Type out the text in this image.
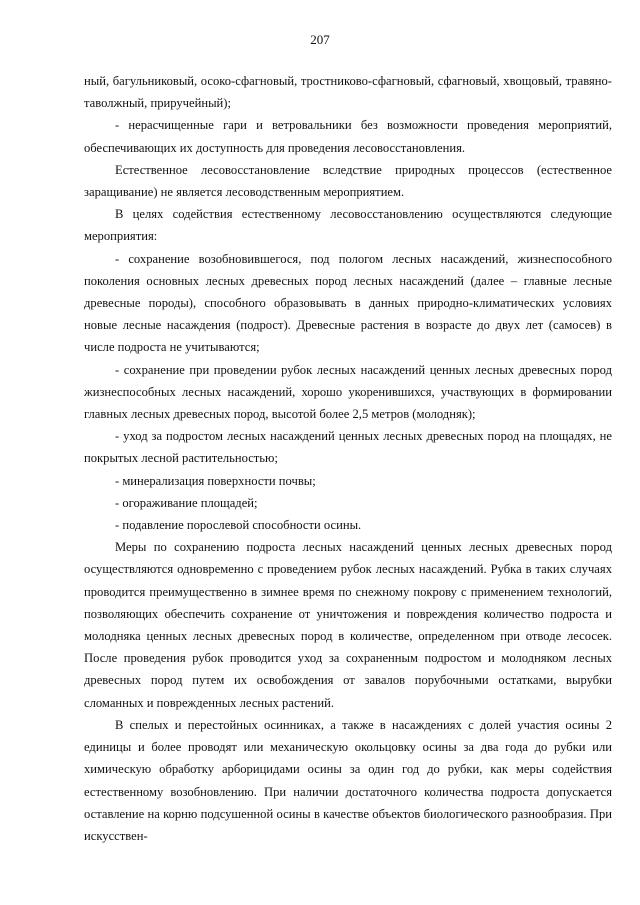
207

ный, багульниковый, осоко-сфагновый, тростниково-сфагновый, сфагновый, хвощовый, травяно-таволжный, приручейный);

- нерасчищенные гари и ветровальники без возможности проведения мероприятий, обеспечивающих их доступность для проведения лесовосстановления.

Естественное лесовосстановление вследствие природных процессов (естественное заращивание) не является лесоводственным мероприятием.

В целях содействия естественному лесовосстановлению осуществляются следующие мероприятия:

- сохранение возобновившегося, под пологом лесных насаждений, жизнеспособного поколения основных лесных древесных пород лесных насаждений (далее – главные лесные древесные породы), способного образовывать в данных природно-климатических условиях новые лесные насаждения (подрост). Древесные растения в возрасте до двух лет (самосев) в числе подроста не учитываются;

- сохранение при проведении рубок лесных насаждений ценных лесных древесных пород жизнеспособных лесных насаждений, хорошо укоренившихся, участвующих в формировании главных лесных древесных пород, высотой более 2,5 метров (молодняк);

- уход за подростом лесных насаждений ценных лесных древесных пород на площадях, не покрытых лесной растительностью;

- минерализация поверхности почвы;

- огораживание площадей;

- подавление порослевой способности осины.

Меры по сохранению подроста лесных насаждений ценных лесных древесных пород осуществляются одновременно с проведением рубок лесных насаждений. Рубка в таких случаях проводится преимущественно в зимнее время по снежному покрову с применением технологий, позволяющих обеспечить сохранение от уничтожения и повреждения количество подроста и молодняка ценных лесных древесных пород в количестве, определенном при отводе лесосек. После проведения рубок проводится уход за сохраненным подростом и молодняком лесных древесных пород путем их освобождения от завалов порубочными остатками, вырубки сломанных и поврежденных лесных растений.

В спелых и перестойных осинниках, а также в насаждениях с долей участия осины 2 единицы и более проводят или механическую окольцовку осины за два года до рубки или химическую обработку арборицидами осины за один год до рубки, как меры содействия естественному возобновлению. При наличии достаточного количества подроста допускается оставление на корню подсушенной осины в качестве объектов биологического разнообразия. При искусствен-
